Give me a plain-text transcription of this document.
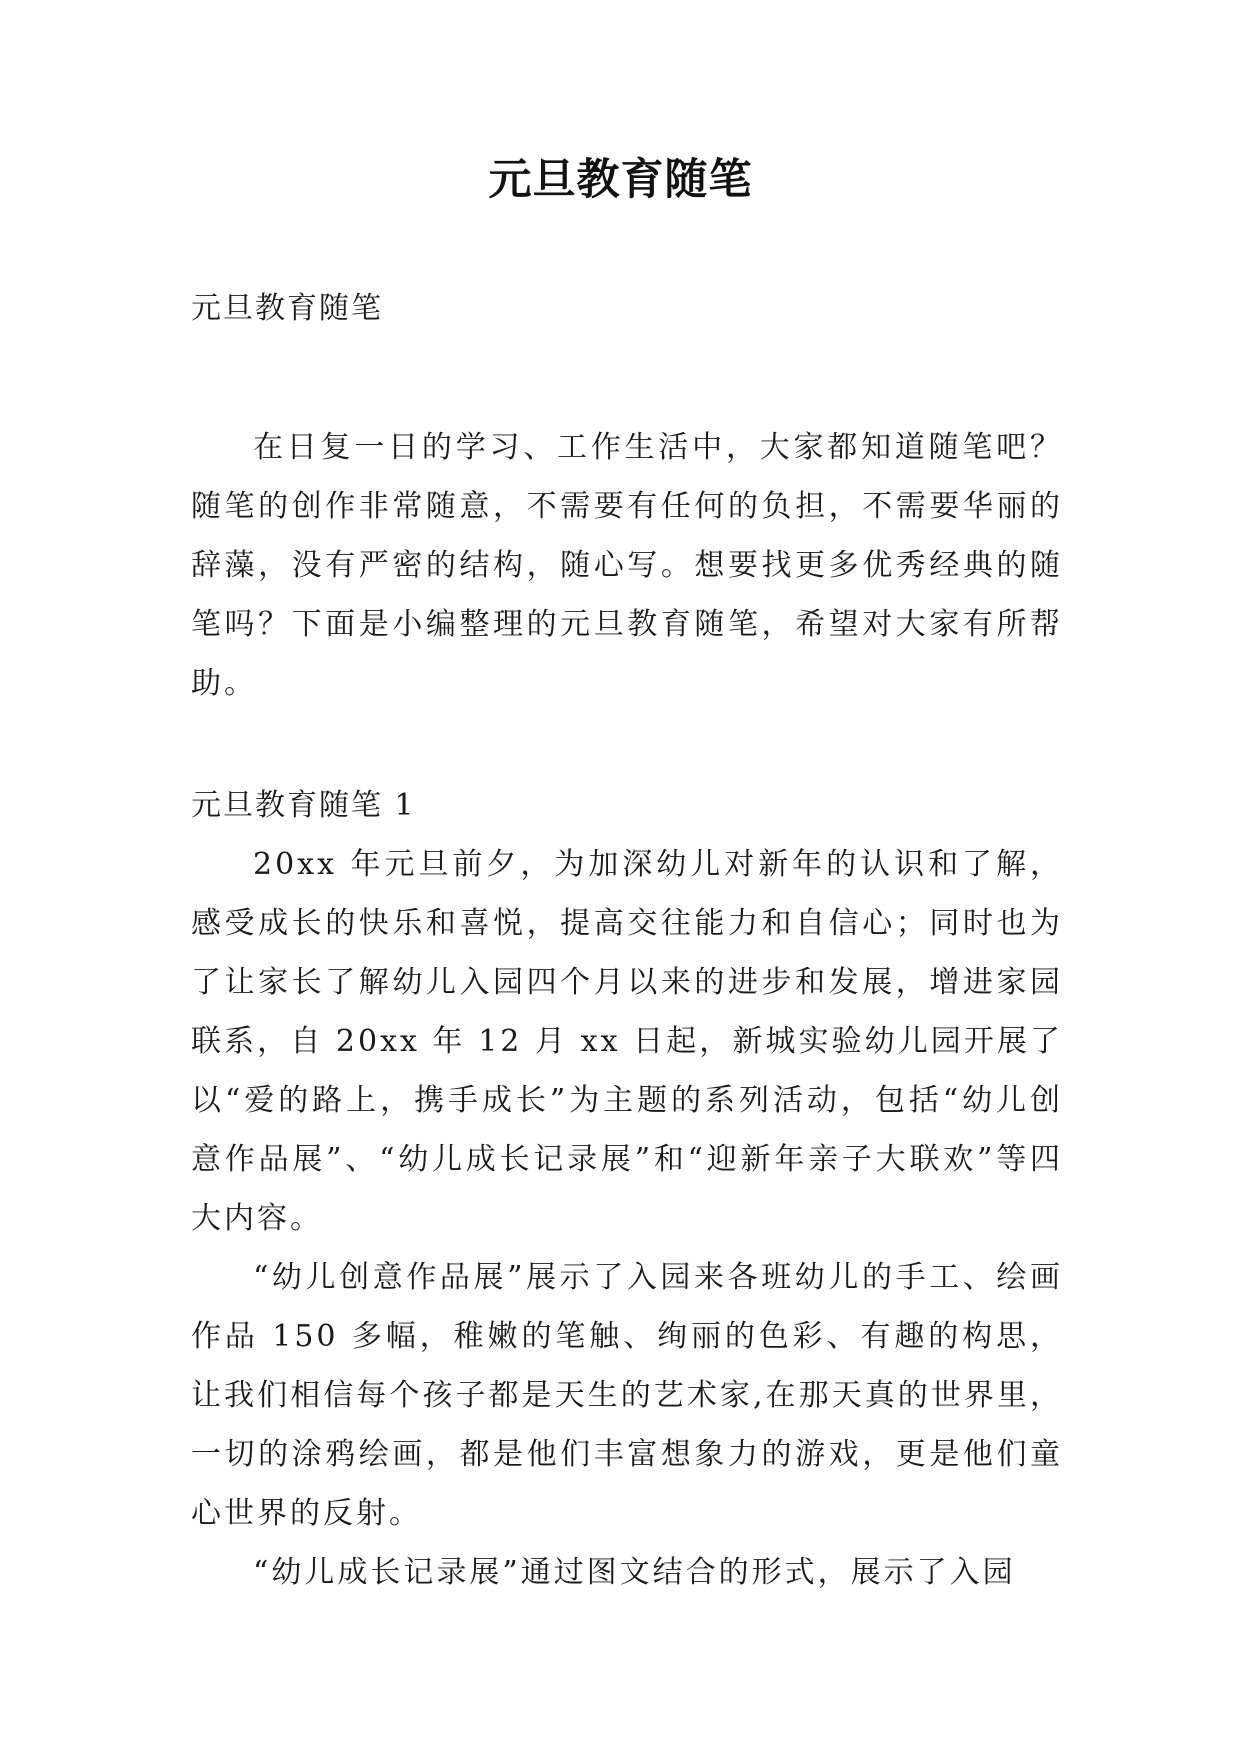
元旦教育随笔

元旦教育随笔

在日复一日的学习、工作生活中，大家都知道随笔吧？随笔的创作非常随意，不需要有任何的负担，不需要华丽的辞藻，没有严密的结构，随心写。想要找更多优秀经典的随笔吗？下面是小编整理的元旦教育随笔，希望对大家有所帮助。

元旦教育随笔 1

20xx 年元旦前夕，为加深幼儿对新年的认识和了解，感受成长的快乐和喜悦，提高交往能力和自信心；同时也为了让家长了解幼儿入园四个月以来的进步和发展，增进家园联系，自 20xx 年 12 月 xx 日起，新城实验幼儿园开展了以“爱的路上，携手成长”为主题的系列活动，包括“幼儿创意作品展”、“幼儿成长记录展”和“迎新年亲子大联欢”等四大内容。

“幼儿创意作品展”展示了入园来各班幼儿的手工、绘画作品 150 多幅，稚嫩的笔触、绚丽的色彩、有趣的构思，让我们相信每个孩子都是天生的艺术家,在那天真的世界里，一切的涂鸦绘画，都是他们丰富想象力的游戏，更是他们童心世界的反射。

“幼儿成长记录展”通过图文结合的形式，展示了入园
